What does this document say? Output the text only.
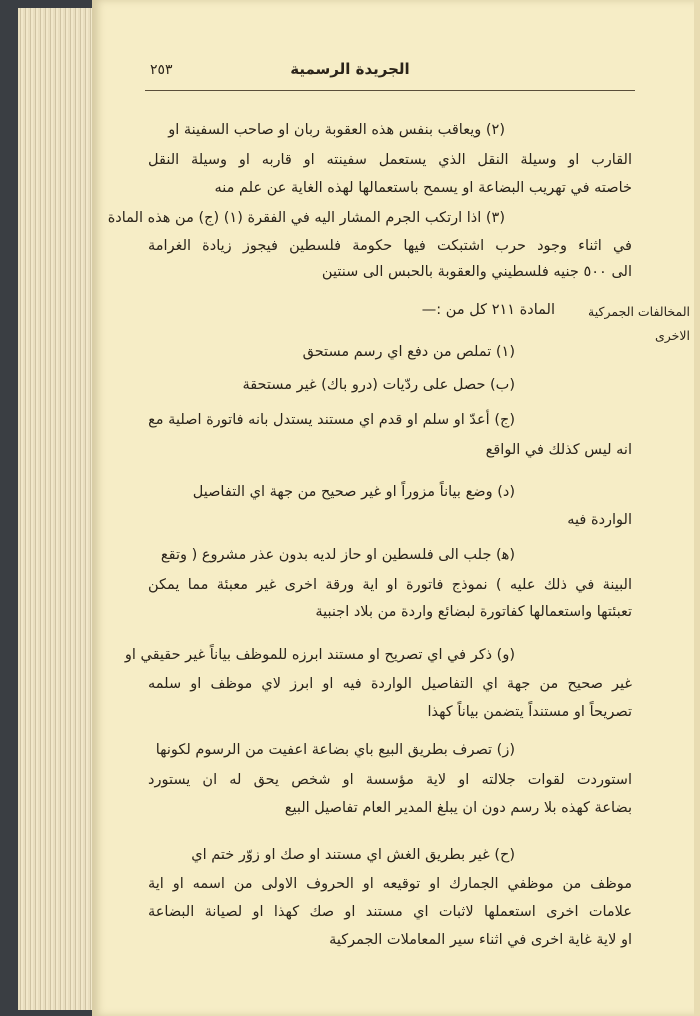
الجريدة الرسمية
٢٥٣
(٢) ويعاقب بنفس هذه العقوبة ربان او صاحب السفينة او
القارب او وسيلة النقل الذي يستعمل سفينته او قاربه او وسيلة النقل
خاصته في تهريب البضاعة او يسمح باستعمالها لهذه الغاية عن علم منه
(٣) اذا ارتكب الجرم المشار اليه في الفقرة (١) (ج) من هذه المادة
في اثناء وجود حرب اشتبكت فيها حكومة فلسطين فيجوز زيادة الغرامة
الى ٥٠٠ جنيه فلسطيني والعقوبة بالحبس الى سنتين
المخالفات الجمركية
الاخرى
المادة ٢١١ كل من :—
(١) تملص من دفع اي رسم مستحق
(ب) حصل على ردّيات (درو باك) غير مستحقة
(ج) أعدّ او سلم او قدم اي مستند يستدل بانه فاتورة اصلية مع
انه ليس كذلك في الواقع
(د) وضع بياناً مزوراً او غير صحيح من جهة اي التفاصيل
الواردة فيه
(ﻫ) جلب الى فلسطين او حاز لديه بدون عذر مشروع ( وتقع
البينة في ذلك عليه ) نموذج فاتورة او اية ورقة اخرى غير معبئة مما يمكن
تعبئتها واستعمالها كفاتورة لبضائع واردة من بلاد اجنبية
(و) ذكر في اي تصريح او مستند ابرزه للموظف بياناً غير حقيقي او
غير صحيح من جهة اي التفاصيل الواردة فيه او ابرز لاي موظف او سلمه
تصريحاً او مستنداً يتضمن بياناً كهذا
(ز) تصرف بطريق البيع باي بضاعة اعفيت من الرسوم لكونها
استوردت لقوات جلالته او لاية مؤسسة او شخص يحق له ان يستورد
بضاعة كهذه بلا رسم دون ان يبلغ المدير العام تفاصيل البيع
(ح) غير بطريق الغش اي مستند او صك او زوّر ختم اي
موظف من موظفي الجمارك او توقيعه او الحروف الاولى من اسمه او اية
علامات اخرى استعملها لاثبات اي مستند او صك كهذا او لصيانة البضاعة
او لاية غاية اخرى في اثناء سير المعاملات الجمركية
